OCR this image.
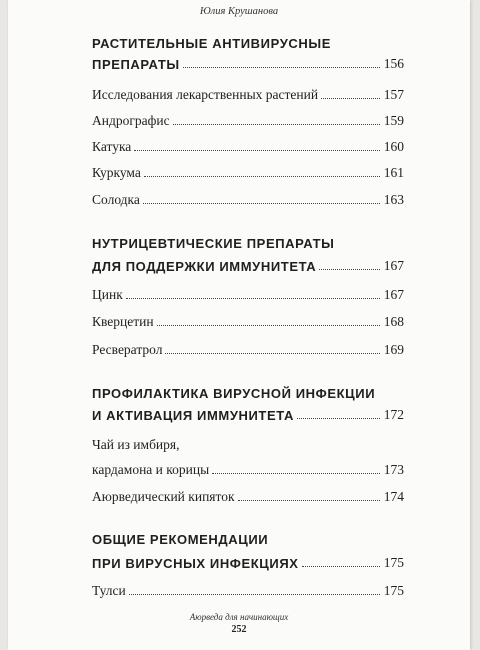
Юлия Крушанова
РАСТИТЕЛЬНЫЕ АНТИВИРУСНЫЕ
ПРЕПАРАТЫ	156
Исследования лекарственных растений	157
Андрографис	159
Катука	160
Куркума	161
Солодка	163
НУТРИЦЕВТИЧЕСКИЕ ПРЕПАРАТЫ
ДЛЯ ПОДДЕРЖКИ ИММУНИТЕТА	167
Цинк	167
Кверцетин	168
Ресвератрол	169
ПРОФИЛАКТИКА ВИРУСНОЙ ИНФЕКЦИИ
И АКТИВАЦИЯ ИММУНИТЕТА	172
Чай из имбиря,
кардамона и корицы	173
Аюрведический кипяток	174
ОБЩИЕ РЕКОМЕНДАЦИИ
ПРИ ВИРУСНЫХ ИНФЕКЦИЯХ	175
Тулси	175
Аюрведа для начинающих
252
